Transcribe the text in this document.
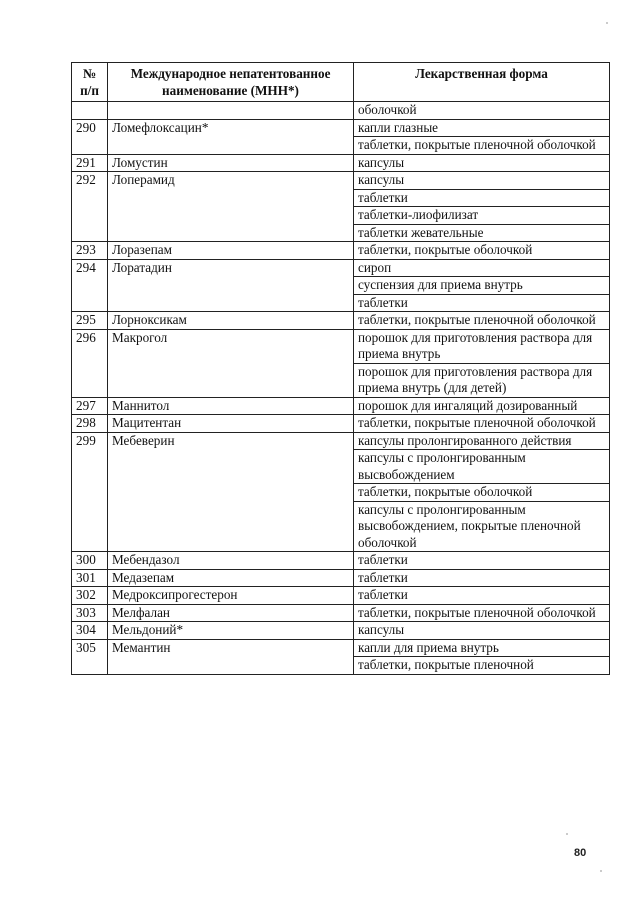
№
п/п	Международное непатентованное наименование (МНН*)	Лекарственная форма
		оболочкой
290	Ломефлоксацин*	капли глазные
		таблетки, покрытые пленочной оболочкой
291	Ломустин	капсулы
292	Лоперамид	капсулы
		таблетки
		таблетки-лиофилизат
		таблетки жевательные
293	Лоразепам	таблетки, покрытые оболочкой
294	Лоратадин	сироп
		суспензия для приема внутрь
		таблетки
295	Лорноксикам	таблетки, покрытые пленочной оболочкой
296	Макрогол	порошок для приготовления раствора для приема внутрь
		порошок для приготовления раствора для приема внутрь (для детей)
297	Маннитол	порошок для ингаляций дозированный
298	Мацитентан	таблетки, покрытые пленочной оболочкой
299	Мебеверин	капсулы пролонгированного действия
		капсулы с пролонгированным высвобождением
		таблетки, покрытые оболочкой
		капсулы с пролонгированным высвобождением, покрытые пленочной оболочкой
300	Мебендазол	таблетки
301	Медазепам	таблетки
302	Медроксипрогестерон	таблетки
303	Мелфалан	таблетки, покрытые пленочной оболочкой
304	Мельдоний*	капсулы
305	Мемантин	капли для приема внутрь
		таблетки, покрытые пленочной
80
